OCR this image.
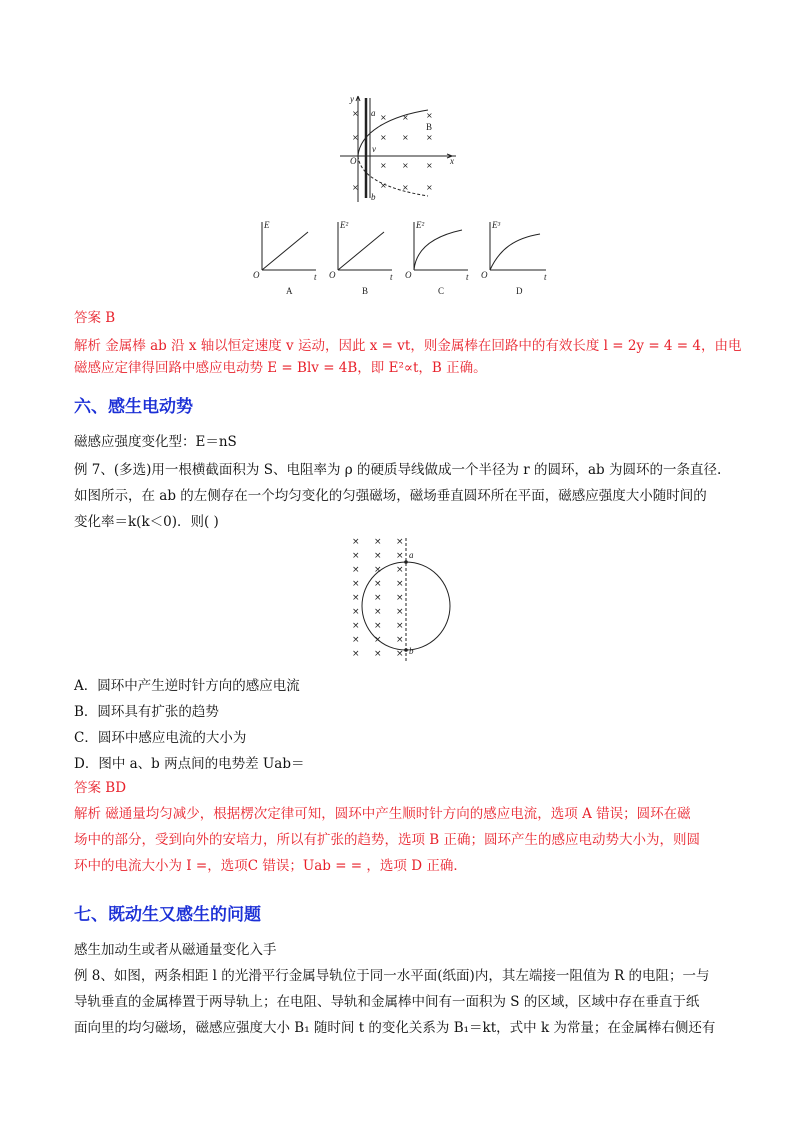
y
x
O
a
b
B
v
×	× × ×
×	× × ×
× × ×
×	× × ×
E
t
O
E²
t
O
E²
t
O
E³
t
O
A	B	C	D
答案 B
解析 金属棒 ab 沿 x 轴以恒定速度 v 运动，因此 x = vt，则金属棒在回路中的有效长度 l = 2y = 4 = 4，由电
磁感应定律得回路中感应电动势 E = Blv = 4B，即 E²∝t，B 正确。
六、感生电动势
磁感应强度变化型：E＝nS
例 7、(多选)用一根横截面积为 S、电阻率为 ρ 的硬质导线做成一个半径为 r 的圆环，ab 为圆环的一条直径.
如图所示，在 ab 的左侧存在一个均匀变化的匀强磁场，磁场垂直圆环所在平面，磁感应强度大小随时间的
变化率＝k(k＜0)．则( )
a
b
× × ×
× × ×
× × ×
× × ×
× × ×
× × ×
× × ×
× × ×
× × ×
A．圆环中产生逆时针方向的感应电流
B．圆环具有扩张的趋势
C．圆环中感应电流的大小为
D．图中 a、b 两点间的电势差 Uab＝
答案 BD
解析 磁通量均匀减少，根据楞次定律可知，圆环中产生顺时针方向的感应电流，选项 A 错误；圆环在磁
场中的部分，受到向外的安培力，所以有扩张的趋势，选项 B 正确；圆环产生的感应电动势大小为，则圆
环中的电流大小为 I =，选项C 错误；Uab = = ，选项 D 正确．
七、既动生又感生的问题
感生加动生或者从磁通量变化入手
例 8、如图，两条相距 l 的光滑平行金属导轨位于同一水平面(纸面)内，其左端接一阻值为 R 的电阻；一与
导轨垂直的金属棒置于两导轨上；在电阻、导轨和金属棒中间有一面积为 S 的区域，区域中存在垂直于纸
面向里的均匀磁场，磁感应强度大小 B₁ 随时间 t 的变化关系为 B₁＝kt，式中 k 为常量；在金属棒右侧还有
